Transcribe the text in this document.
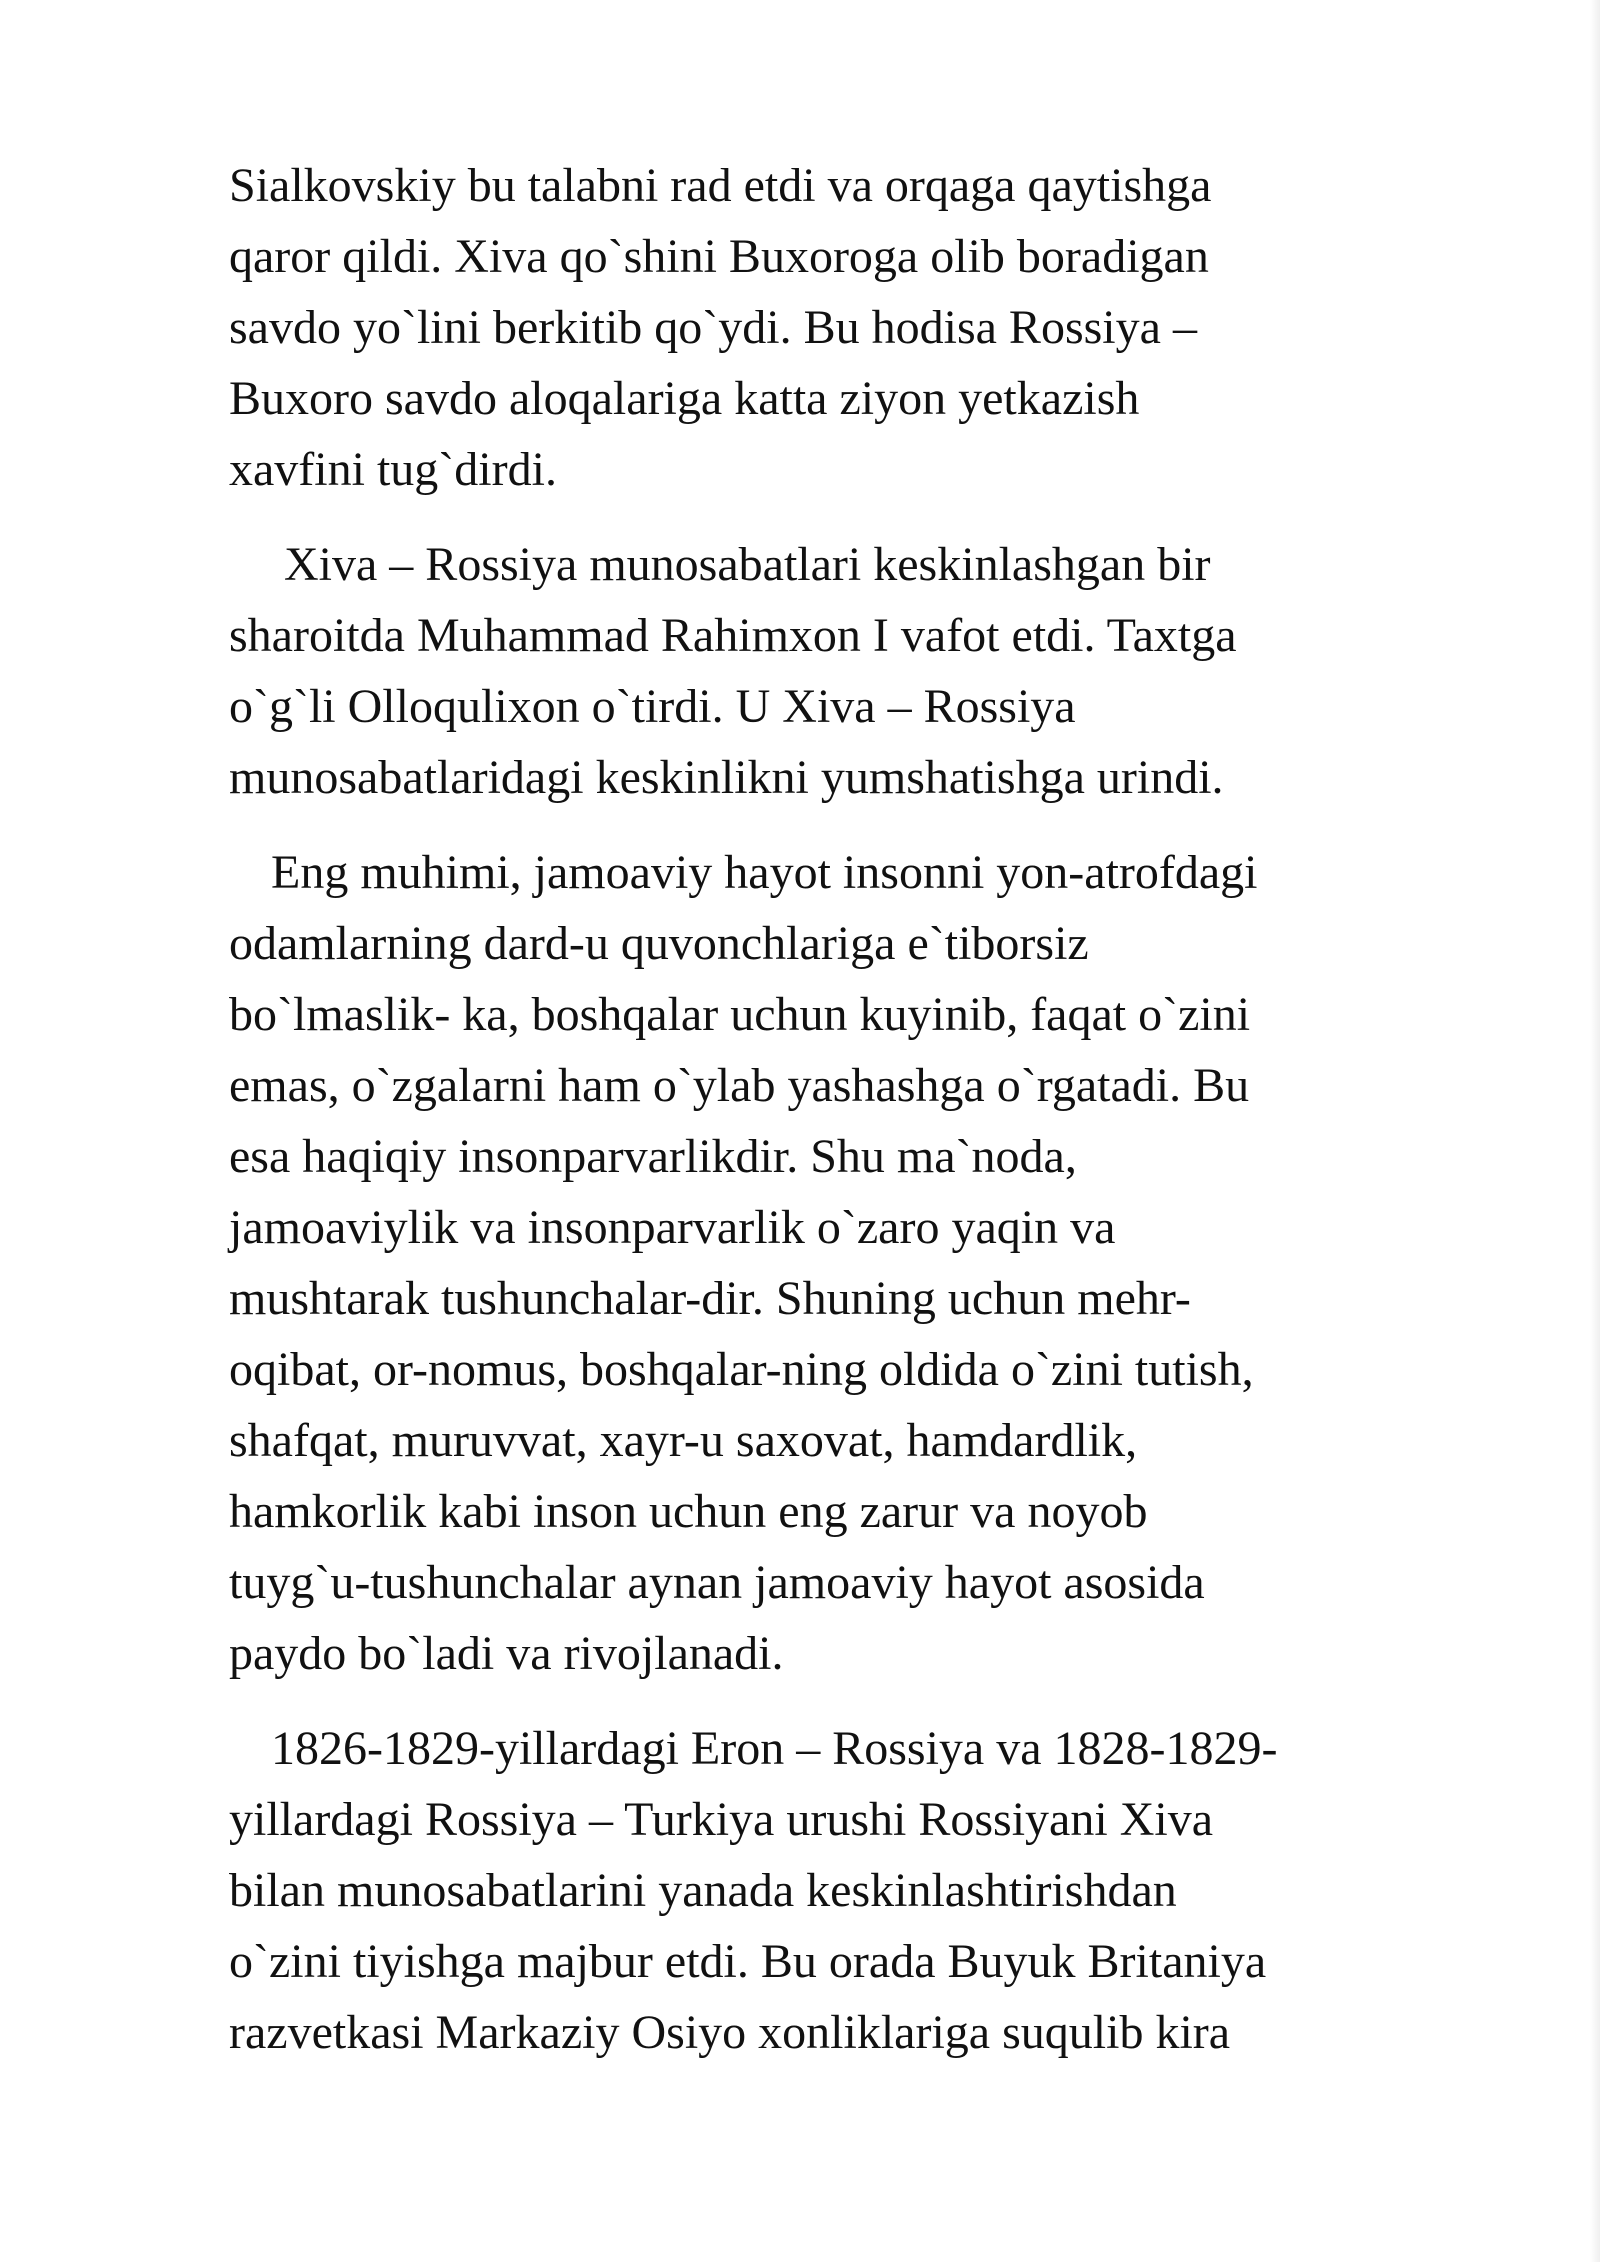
Sialkovskiy bu talabni rad etdi va orqaga qaytishga
qaror qildi. Xiva qo`shini Buxoroga olib boradigan
savdo yo`lini berkitib qo`ydi. Bu hodisa Rossiya –
Buxoro savdo aloqalariga katta ziyon yetkazish
xavfini tug`dirdi.
Xiva – Rossiya munosabatlari keskinlashgan bir
sharoitda Muhammad Rahimxon I vafot etdi. Taxtga
o`g`li Olloqulixon o`tirdi. U Xiva – Rossiya
munosabatlaridagi keskinlikni yumshatishga urindi.
Eng muhimi, jamoaviy hayot insonni yon-atrofdagi
odamlarning dard-u quvonchlariga e`tiborsiz
bo`lmaslik- ka, boshqalar uchun kuyinib, faqat o`zini
emas, o`zgalarni ham o`ylab yashashga o`rgatadi. Bu
esa haqiqiy insonparvarlikdir. Shu ma`noda,
jamoaviylik va insonparvarlik o`zaro yaqin va
mushtarak tushunchalar-dir. Shuning uchun mehr-
oqibat, or-nomus, boshqalar-ning oldida o`zini tutish,
shafqat, muruvvat, xayr-u saxovat, hamdardlik,
hamkorlik kabi inson uchun eng zarur va noyob
tuyg`u-tushunchalar aynan jamoaviy hayot asosida
paydo bo`ladi va rivojlanadi.
1826-1829-yillardagi Eron – Rossiya va 1828-1829-
yillardagi Rossiya – Turkiya urushi Rossiyani Xiva
bilan munosabatlarini yanada keskinlashtirishdan
o`zini tiyishga majbur etdi. Bu orada Buyuk Britaniya
razvetkasi Markaziy Osiyo xonliklariga suqulib kira
